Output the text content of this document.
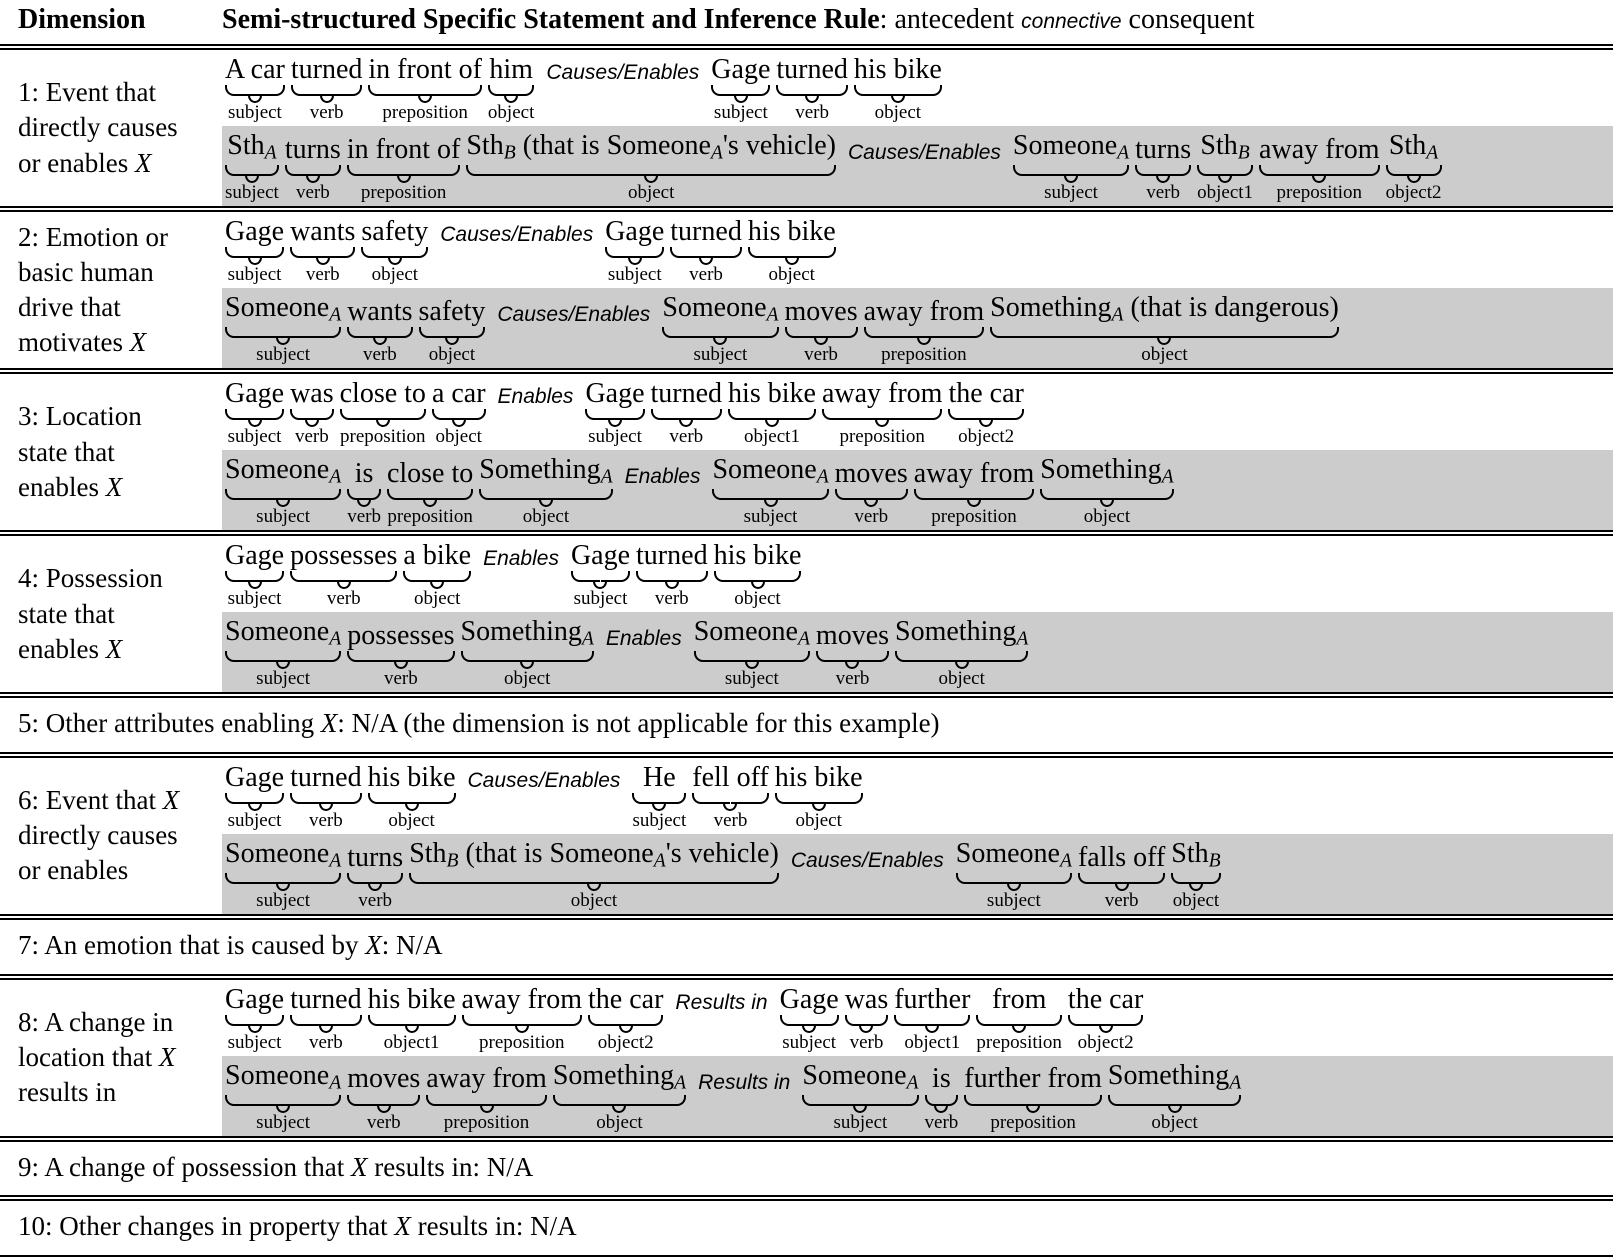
Dimension	Semi-structured Specific Statement and Inference Rule: antecedent connective consequent
1: Event that
directly causes
or enables X
A car
subject
turned
verb
in front of
preposition
him
object
Causes/Enables Gage
subject
turned
verb
his bike
object
Sth$_A$
subject
turns
verb
in front of
preposition
Sth$_B$ (that is Someone$_A$'s vehicle)
object
Causes/Enables Someone$_A$
subject
turns
verb
Sth$_B$
object1
away from
preposition
Sth$_A$
object2
2: Emotion or
basic human
drive that
motivates X
Gage
subject
wants
verb
safety
object
Causes/Enables Gage
subject
turned
verb
his bike
object
Someone$_A$
subject
wants
verb
safety
object
Causes/Enables Someone$_A$
subject
moves
verb
away from
preposition
Something$_A$ (that is dangerous)
object
3: Location
state that
enables X
Gage
subject
was
verb
close to
preposition
a car
object
Enables Gage
subject
turned
verb
his bike
object1
away from
preposition
the car
object2
Someone$_A$
subject
is
verb
close to
preposition
Something$_A$
object
Enables Someone$_A$
subject
moves
verb
away from
preposition
Something$_A$
object
4: Possession
state that
enables X
Gage
subject
possesses
verb
a bike
object
Enables Gage
subject
turned
verb
his bike
object
Someone$_A$
subject
possesses
verb
Something$_A$
object
Enables Someone$_A$
subject
moves
verb
Something$_A$
object
5: Other attributes enabling X: N/A (the dimension is not applicable for this example)
6: Event that X
directly causes
or enables
Gage
subject
turned
verb
his bike
object
Causes/Enables He
subject
fell off
verb
his bike
object
Someone$_A$
subject
turns
verb
Sth$_B$ (that is Someone$_A$'s vehicle)
object
Causes/Enables Someone$_A$
subject
falls off
verb
Sth$_B$
object
7: An emotion that is caused by X: N/A
8: A change in
location that X
results in
Gage
subject
turned
verb
his bike
object1
away from
preposition
the car
object2
Results in Gage
subject
was
verb
further
object1
from
preposition
the car
object2
Someone$_A$
subject
moves
verb
away from
preposition
Something$_A$
object
Results in Someone$_A$
subject
is
verb
further from
preposition
Something$_A$
object
9: A change of possession that X results in: N/A
10: Other changes in property that X results in: N/A
